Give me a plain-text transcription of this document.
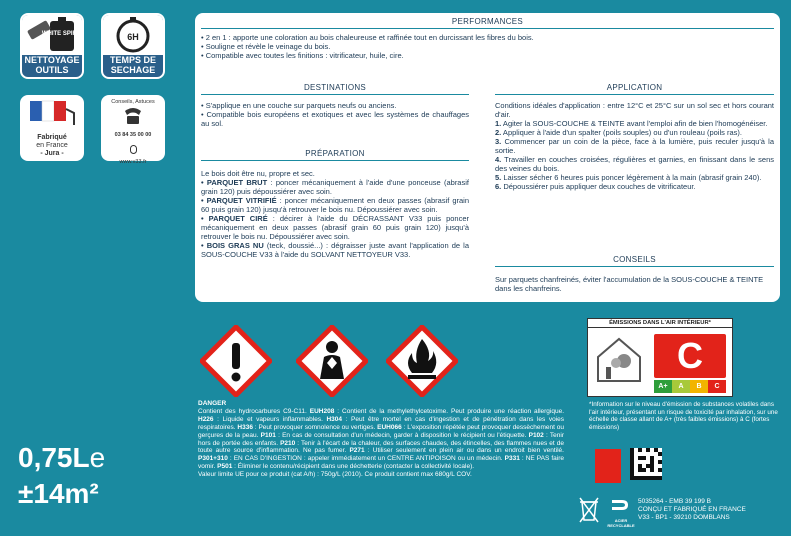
WHITE SPIRIT
NETTOYAGE
OUTILS
6H
TEMPS DE
SECHAGE
Fabriqué
en France
- Jura -
Conseils, Astuces
03 84 35 00 00
www.v33.fr
0,75Le
±14m²
PERFORMANCES
• 2 en 1 : apporte une coloration au bois chaleureuse et raffinée tout en durcissant les fibres du bois.
• Souligne et révèle le veinage du bois.
• Compatible avec toutes les finitions : vitrificateur, huile, cire.
DESTINATIONS
• S'applique en une couche sur parquets neufs ou anciens.
• Compatible bois européens et exotiques et avec les systèmes de chauffages au sol.
PRÉPARATION
Le bois doit être nu, propre et sec.
• PARQUET BRUT : poncer mécaniquement à l'aide d'une ponceuse (abrasif grain 120) puis dépoussiérer avec soin.
• PARQUET VITRIFIÉ : poncer mécaniquement en deux passes (abrasif grain 60 puis grain 120) jusqu'à retrouver le bois nu. Dépoussiérer avec soin.
• PARQUET CIRÉ : décirer à l'aide du DÉCRASSANT V33 puis poncer mécaniquement en deux passes (abrasif grain 60 puis grain 120) jusqu'à retrouver le bois nu. Dépoussiérer avec soin.
• BOIS GRAS NU (teck, doussié...) : dégraisser juste avant l'application de la SOUS-COUCHE V33 à l'aide du SOLVANT NETTOYEUR V33.
APPLICATION
Conditions idéales d'application : entre 12°C et 25°C sur un sol sec et hors courant d'air.
1. Agiter la SOUS-COUCHE & TEINTE avant l'emploi afin de bien l'homogénéiser.
2. Appliquer à l'aide d'un spalter (poils souples) ou d'un rouleau (poils ras).
3. Commencer par un coin de la pièce, face à la lumière, puis reculer jusqu'à la sortie.
4. Travailler en couches croisées, régulières et garnies, en finissant dans le sens des veines du bois.
5. Laisser sécher 6 heures puis poncer légèrement à la main (abrasif grain 240).
6. Dépoussiérer puis appliquer deux couches de vitrificateur.
CONSEILS
Sur parquets chanfreinés, éviter l'accumulation de la SOUS-COUCHE & TEINTE dans les chanfreins.
DANGER
Contient des hydrocarbures C9-C11. EUH208 : Contient de la methylethylcetoxime. Peut produire une réaction allergique. H226 : Liquide et vapeurs inflammables. H304 : Peut être mortel en cas d'ingestion et de pénétration dans les voies respiratoires. H336 : Peut provoquer somnolence ou vertiges. EUH066 : L'exposition répétée peut provoquer dessèchement ou gerçures de la peau. P101 : En cas de consultation d'un médecin, garder à disposition le récipient ou l'étiquette. P102 : Tenir hors de portée des enfants. P210 : Tenir à l'écart de la chaleur, des surfaces chaudes, des étincelles, des flammes nues et de toute autre source d'inflammation. Ne pas fumer. P271 : Utiliser seulement en plein air ou dans un endroit bien ventilé. P301+310 : EN CAS D'INGESTION : appeler immédiatement un CENTRE ANTIPOISON ou un médecin. P331 : NE PAS faire vomir. P501 : Éliminer le contenu/récipient dans une déchetterie (contacter la collectivité locale).
Valeur limite UE pour ce produit (cat A/h) : 750g/L (2010). Ce produit contient max 680g/L COV.
ÉMISSIONS DANS L'AIR INTÉRIEUR*
C
A+	A	B	C
*Information sur le niveau d'émission de substances volatiles dans l'air intérieur, présentant un risque de toxicité par inhalation, sur une échelle de classe allant de A+ (très faibles émissions) à C (fortes émissions)
ACIER RECYCLABLE
5035264 - EMB 39 199 B
CONÇU ET FABRIQUÉ EN FRANCE
V33 - BP1 - 39210 DOMBLANS
